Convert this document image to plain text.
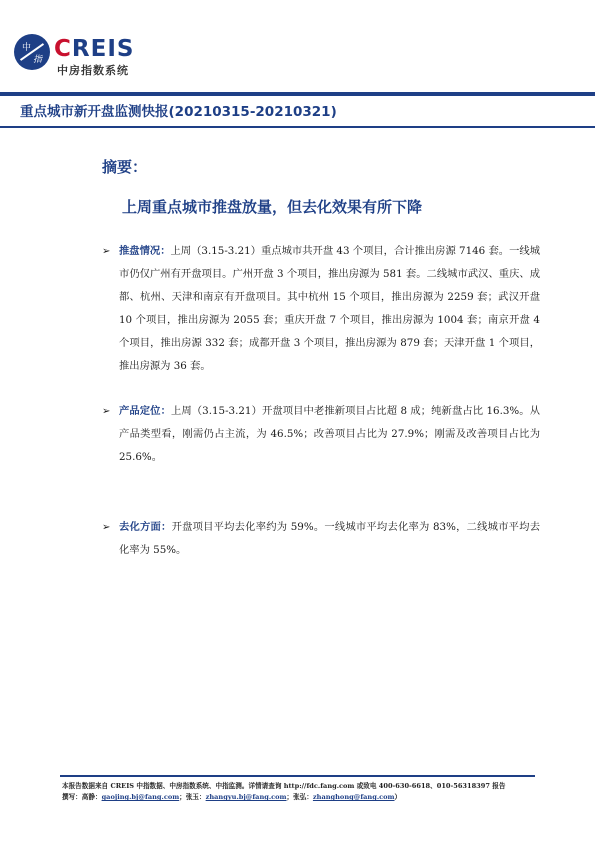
中
指 CREIS
中房指数系统
重点城市新开盘监测快报(20210315-20210321)
摘要：
上周重点城市推盘放量，但去化效果有所下降
➢ 推盘情况：上周（3.15-3.21）重点城市共开盘 43 个项目，合计推出房源 7146 套。一线城市仍仅广州有开盘项目。广州开盘 3 个项目，推出房源为 581 套。二线城市武汉、重庆、成都、杭州、天津和南京有开盘项目。其中杭州 15 个项目，推出房源为 2259 套；武汉开盘 10 个项目，推出房源为 2055 套；重庆开盘 7 个项目，推出房源为 1004 套；南京开盘 4 个项目，推出房源 332 套；成都开盘 3 个项目，推出房源为 879 套；天津开盘 1 个项目，推出房源为 36 套。
➢ 产品定位：上周（3.15-3.21）开盘项目中老推新项目占比超 8 成；纯新盘占比 16.3%。从产品类型看，刚需仍占主流，为 46.5%；改善项目占比为 27.9%；刚需及改善项目占比为 25.6%。
➢ 去化方面：开盘项目平均去化率约为 59%。一线城市平均去化率为 83%，二线城市平均去化率为 55%。
本报告数据来自 CREIS 中指数据、中房指数系统、中指监测。详情请查询 http://fdc.fang.com 或致电 400-630-6618、010-56318397 报告
撰写：高静：gaojing.bj@fang.com；张玉：zhangyu.bj@fang.com；张弘：zhanghong@fang.com）
